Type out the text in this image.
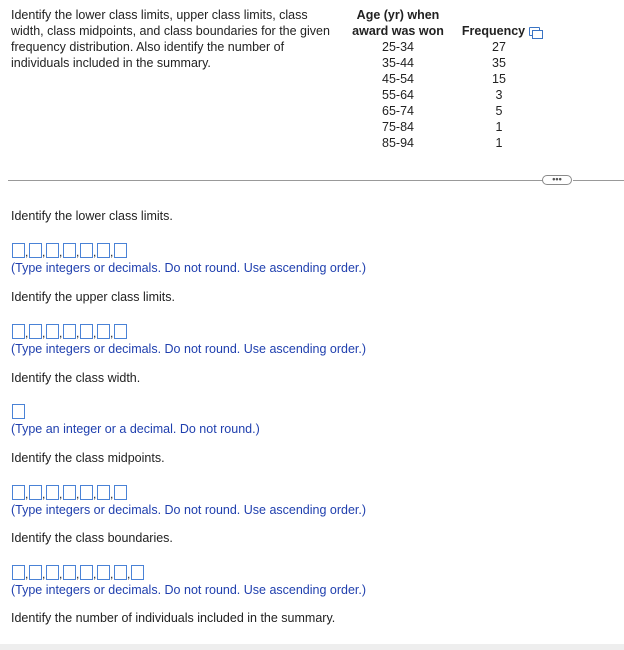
Identify the lower class limits, upper class limits, class width, class midpoints, and class boundaries for the given frequency distribution. Also identify the number of individuals included in the summary.
Age (yr) when
award was won	Frequency
25-34	27
35-44	35
45-54	15
55-64	3
65-74	5
75-84	1
85-94	1
•••
Identify the lower class limits.
, , , , , ,
(Type integers or decimals. Do not round. Use ascending order.)
Identify the upper class limits.
, , , , , ,
(Type integers or decimals. Do not round. Use ascending order.)
Identify the class width.
(Type an integer or a decimal. Do not round.)
Identify the class midpoints.
, , , , , ,
(Type integers or decimals. Do not round. Use ascending order.)
Identify the class boundaries.
, , , , , , ,
(Type integers or decimals. Do not round. Use ascending order.)
Identify the number of individuals included in the summary.
